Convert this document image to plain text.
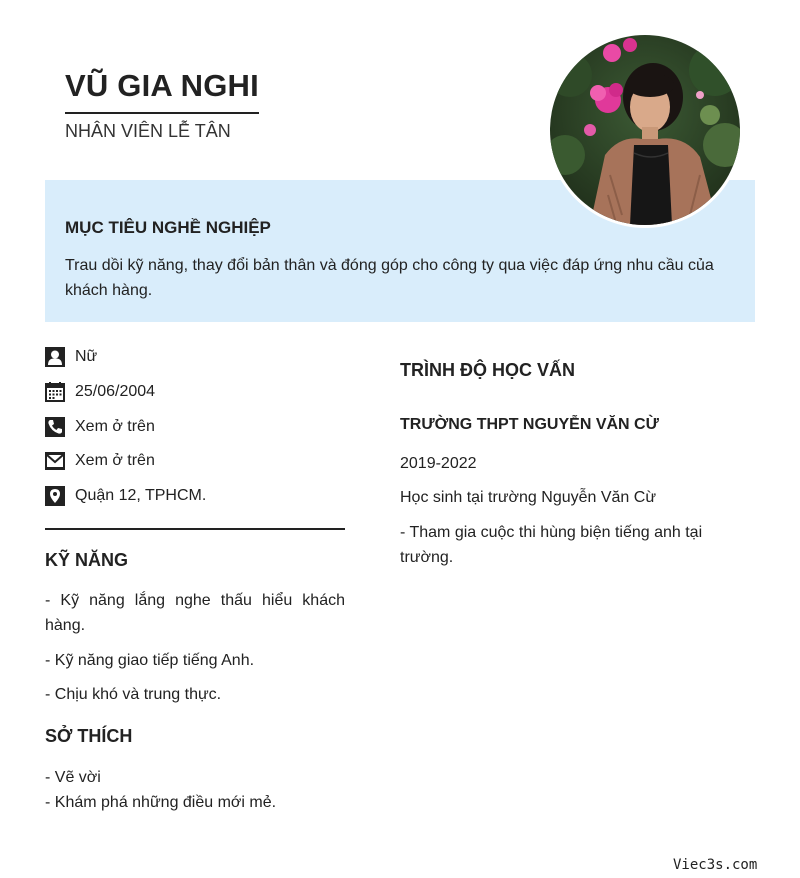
VŨ GIA NGHI
NHÂN VIÊN LỄ TÂN
MỤC TIÊU NGHỀ NGHIỆP
Trau dồi kỹ năng, thay đổi bản thân và đóng góp cho công ty qua việc đáp ứng nhu cầu của khách hàng.
Nữ
25/06/2004
Xem ở trên
Xem ở trên
Quận 12, TPHCM.
KỸ NĂNG
- Kỹ năng lắng nghe thấu hiểu khách hàng.
- Kỹ năng giao tiếp tiếng Anh.
- Chịu khó và trung thực.
SỞ THÍCH
- Vẽ vời
- Khám phá những điều mới mẻ.
TRÌNH ĐỘ HỌC VẤN
TRƯỜNG THPT NGUYỄN VĂN CỪ
2019-2022
Học sinh tại trường Nguyễn Văn Cừ
- Tham gia cuộc thi hùng biện tiếng anh tại trường.
Viec3s.com
